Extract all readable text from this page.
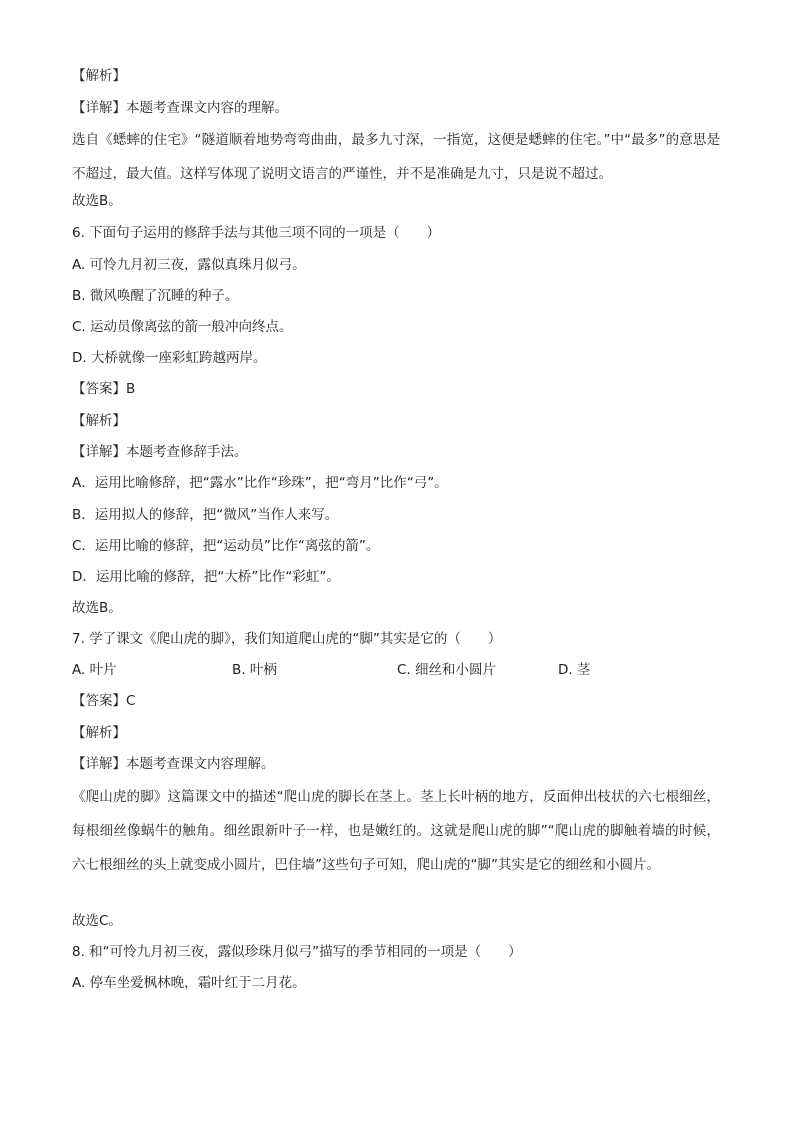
【解析】
【详解】本题考查课文内容的理解。
选自《蟋蟀的住宅》“隧道顺着地势弯弯曲曲，最多九寸深，一指宽，这便是蟋蟀的住宅。”中“最多”的意思是不超过，最大值。这样写体现了说明文语言的严谨性，并不是准确是九寸，只是说不超过。
故选B。
6. 下面句子运用的修辞手法与其他三项不同的一项是（　　）
A. 可怜九月初三夜，露似真珠月似弓。
B. 微风唤醒了沉睡的种子。
C. 运动员像离弦的箭一般冲向终点。
D. 大桥就像一座彩虹跨越两岸。
【答案】B
【解析】
【详解】本题考查修辞手法。
A．运用比喻修辞，把“露水”比作“珍珠”，把“弯月”比作“弓”。
B．运用拟人的修辞，把“微风”当作人来写。
C．运用比喻的修辞，把“运动员”比作“离弦的箭”。
D．运用比喻的修辞，把“大桥”比作“彩虹”。
故选B。
7. 学了课文《爬山虎的脚》，我们知道爬山虎的“脚”其实是它的（　　）
A. 叶片	B. 叶柄	C. 细丝和小圆片	D. 茎
【答案】C
【解析】
【详解】本题考查课文内容理解。
《爬山虎的脚》这篇课文中的描述“爬山虎的脚长在茎上。茎上长叶柄的地方，反面伸出枝状的六七根细丝，每根细丝像蜗牛的触角。细丝跟新叶子一样，也是嫩红的。这就是爬山虎的脚”“爬山虎的脚触着墙的时候，六七根细丝的头上就变成小圆片，巴住墙”这些句子可知，爬山虎的“脚”其实是它的细丝和小圆片。
故选C。
8. 和“可怜九月初三夜，露似珍珠月似弓”描写的季节相同的一项是（　　）
A. 停车坐爱枫林晚，霜叶红于二月花。
